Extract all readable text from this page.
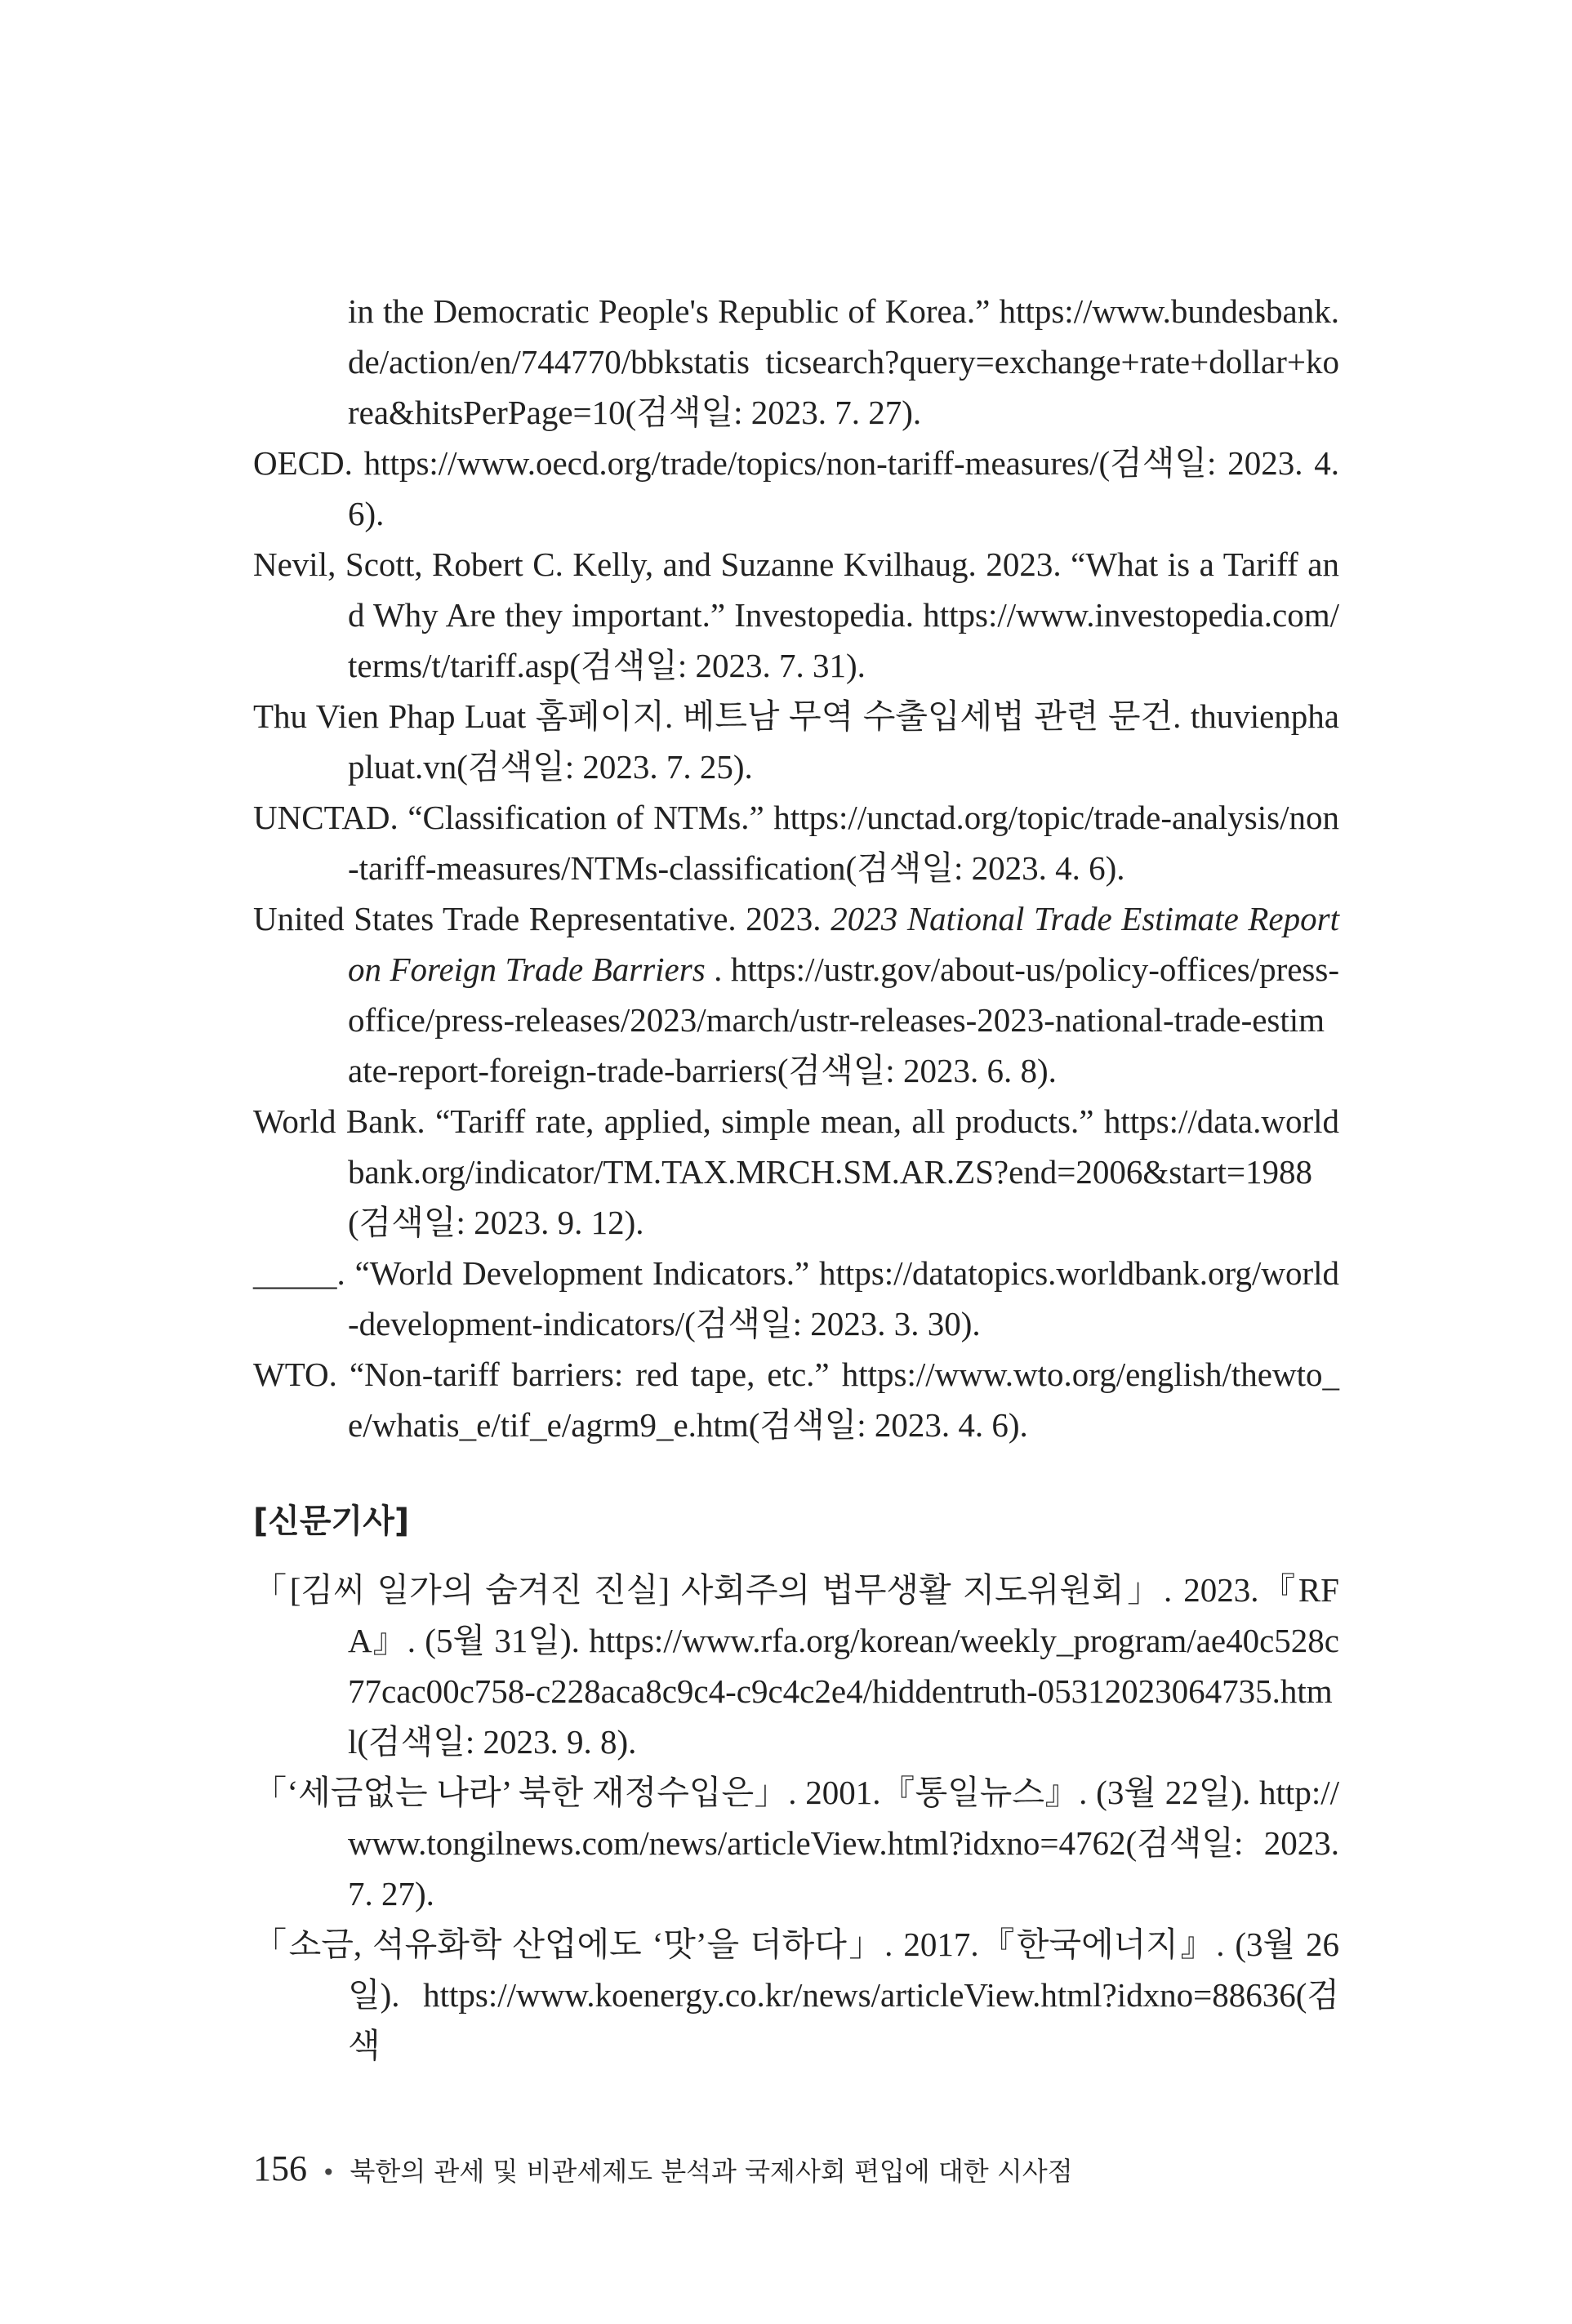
in the Democratic People's Republic of Korea.” https://www.bundesbank.de/action/en/744770/bbkstatis ticsearch?query=exchange+rate+dollar+korea&hitsPerPage=10(검색일: 2023. 7. 27).

OECD. https://www.oecd.org/trade/topics/non-tariff-measures/(검색일: 2023. 4. 6).

Nevil, Scott, Robert C. Kelly, and Suzanne Kvilhaug. 2023. “What is a Tariff and Why Are they important.” Investopedia. https://www.investopedia.com/terms/t/tariff.asp(검색일: 2023. 7. 31).

Thu Vien Phap Luat 홈페이지. 베트남 무역 수출입세법 관련 문건. thuvienphapluat.vn(검색일: 2023. 7. 25).

UNCTAD. “Classification of NTMs.” https://unctad.org/topic/trade-analysis/non-tariff-measures/NTMs-classification(검색일: 2023. 4. 6).

United States Trade Representative. 2023. 2023 National Trade Estimate Report on Foreign Trade Barriers . https://ustr.gov/about-us/policy-offices/press-office/press-releases/2023/march/ustr-releases-2023-national-trade-estimate-report-foreign-trade-barriers(검색일: 2023. 6. 8).

World Bank. “Tariff rate, applied, simple mean, all products.” https://data.worldbank.org/indicator/TM.TAX.MRCH.SM.AR.ZS?end=2006&start=1988(검색일: 2023. 9. 12).

_____. “World Development Indicators.” https://datatopics.worldbank.org/world-development-indicators/(검색일: 2023. 3. 30).

WTO. “Non-tariff barriers: red tape, etc.” https://www.wto.org/english/thewto_e/whatis_e/tif_e/agrm9_e.htm(검색일: 2023. 4. 6).

[신문기사]

「[김씨 일가의 숨겨진 진실] 사회주의 법무생활 지도위원회」. 2023.『RFA』. (5월 31일). https://www.rfa.org/korean/weekly_program/ae40c528c77cac00c758-c228aca8c9c4-c9c4c2e4/hiddentruth-05312023064735.html(검색일: 2023. 9. 8).

「‘세금없는 나라’ 북한 재정수입은」. 2001.『통일뉴스』. (3월 22일). http://www.tongilnews.com/news/articleView.html?idxno=4762(검색일: 2023. 7. 27).

「소금, 석유화학 산업에도 ‘맛’을 더하다」. 2017.『한국에너지』. (3월 26일). https://www.koenergy.co.kr/news/articleView.html?idxno=88636(검색

156 • 북한의 관세 및 비관세제도 분석과 국제사회 편입에 대한 시사점
